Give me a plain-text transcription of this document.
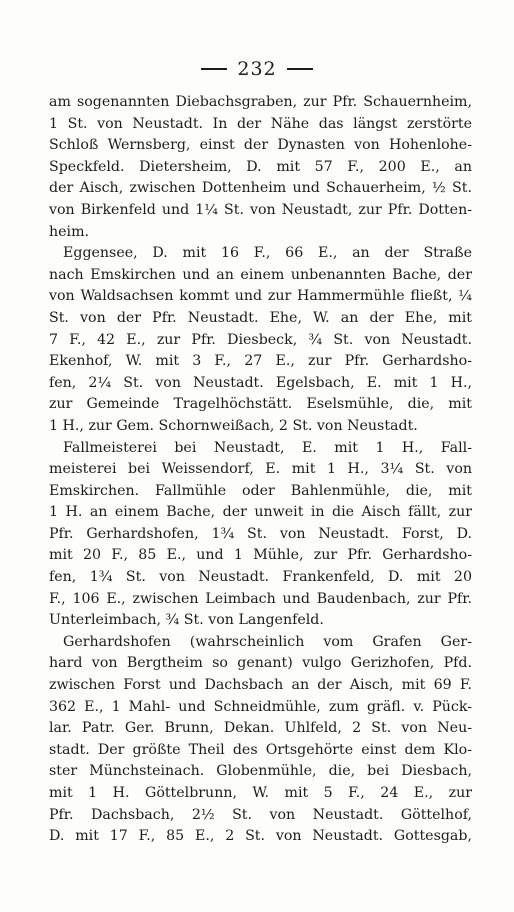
232
am sogenannten Diebachsgraben, zur Pfr. Schauernheim,
1 St. von Neustadt. In der Nähe das längst zerstörte
Schloß Wernsberg, einst der Dynasten von Hohenlohe-
Speckfeld. Dietersheim, D. mit 57 F., 200 E., an
der Aisch, zwischen Dottenheim und Schauerheim, ½ St.
von Birkenfeld und 1¼ St. von Neustadt, zur Pfr. Dotten-
heim.
Eggensee, D. mit 16 F., 66 E., an der Straße
nach Emskirchen und an einem unbenannten Bache, der
von Waldsachsen kommt und zur Hammermühle fließt, ¼
St. von der Pfr. Neustadt. Ehe, W. an der Ehe, mit
7 F., 42 E., zur Pfr. Diesbeck, ¾ St. von Neustadt.
Ekenhof, W. mit 3 F., 27 E., zur Pfr. Gerhardsho-
fen, 2¼ St. von Neustadt. Egelsbach, E. mit 1 H.,
zur Gemeinde Tragelhöchstätt. Eselsmühle, die, mit
1 H., zur Gem. Schornweißach, 2 St. von Neustadt.
Fallmeisterei bei Neustadt, E. mit 1 H., Fall-
meisterei bei Weissendorf, E. mit 1 H., 3¼ St. von
Emskirchen. Fallmühle oder Bahlenmühle, die, mit
1 H. an einem Bache, der unweit in die Aisch fällt, zur
Pfr. Gerhardshofen, 1¾ St. von Neustadt. Forst, D.
mit 20 F., 85 E., und 1 Mühle, zur Pfr. Gerhardsho-
fen, 1¾ St. von Neustadt. Frankenfeld, D. mit 20
F., 106 E., zwischen Leimbach und Baudenbach, zur Pfr.
Unterleimbach, ¾ St. von Langenfeld.
Gerhardshofen (wahrscheinlich vom Grafen Ger-
hard von Bergtheim so genant) vulgo Gerizhofen, Pfd.
zwischen Forst und Dachsbach an der Aisch, mit 69 F.
362 E., 1 Mahl- und Schneidmühle, zum gräfl. v. Pück-
lar. Patr. Ger. Brunn, Dekan. Uhlfeld, 2 St. von Neu-
stadt. Der größte Theil des Ortsgehörte einst dem Klo-
ster Münchsteinach. Globenmühle, die, bei Diesbach,
mit 1 H. Göttelbrunn, W. mit 5 F., 24 E., zur
Pfr. Dachsbach, 2½ St. von Neustadt. Göttelhof,
D. mit 17 F., 85 E., 2 St. von Neustadt. Gottesgab,
